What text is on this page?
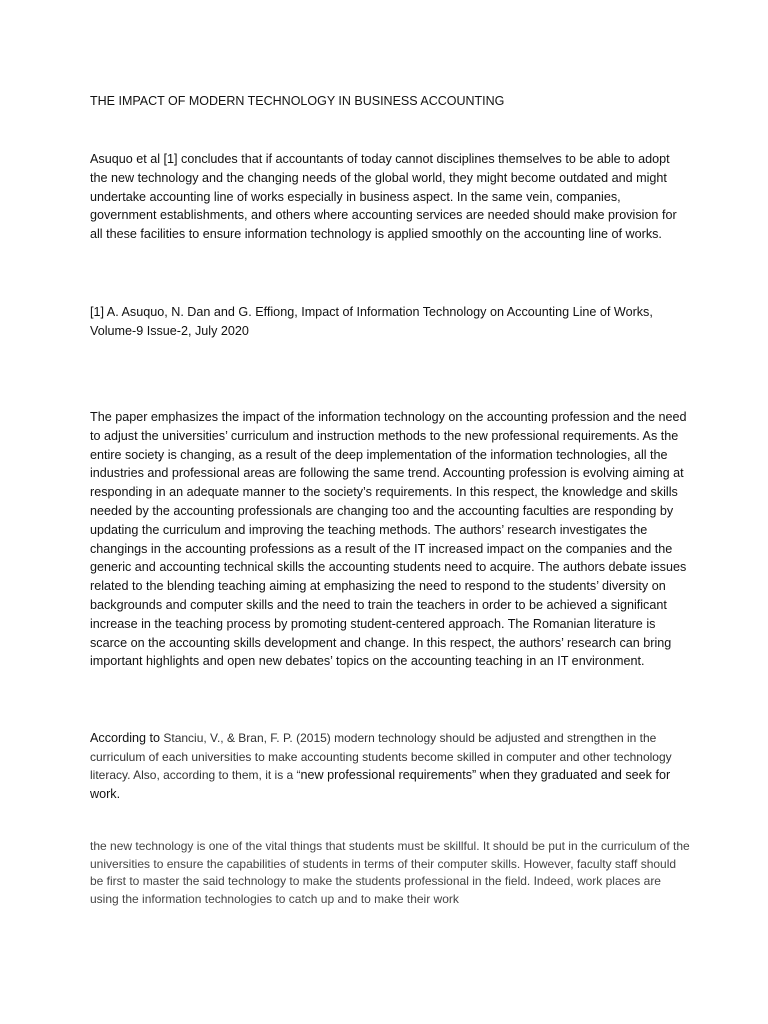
THE IMPACT OF MODERN TECHNOLOGY IN BUSINESS ACCOUNTING

Asuquo et al [1] concludes that if accountants of today cannot disciplines themselves to be able to adopt the new technology and the changing needs of the global world, they might become outdated and might undertake accounting line of works especially in business aspect. In the same vein, companies, government establishments, and others where accounting services are needed should make provision for all these facilities to ensure information technology is applied smoothly on the accounting line of works.

[1] A. Asuquo, N. Dan and G. Effiong, Impact of Information Technology on Accounting Line of Works, Volume-9 Issue-2, July 2020

The paper emphasizes the impact of the information technology on the accounting profession and the need to adjust the universities’ curriculum and instruction methods to the new professional requirements. As the entire society is changing, as a result of the deep implementation of the information technologies, all the industries and professional areas are following the same trend. Accounting profession is evolving aiming at responding in an adequate manner to the society’s requirements. In this respect, the knowledge and skills needed by the accounting professionals are changing too and the accounting faculties are responding by updating the curriculum and improving the teaching methods. The authors’ research investigates the changings in the accounting professions as a result of the IT increased impact on the companies and the generic and accounting technical skills the accounting students need to acquire. The authors debate issues related to the blending teaching aiming at emphasizing the need to respond to the students’ diversity on backgrounds and computer skills and the need to train the teachers in order to be achieved a significant increase in the teaching process by promoting student-centered approach. The Romanian literature is scarce on the accounting skills development and change. In this respect, the authors’ research can bring important highlights and open new debates’ topics on the accounting teaching in an IT environment.

According to Stanciu, V., & Bran, F. P. (2015) modern technology should be adjusted and strengthen in the curriculum of each universities to make accounting students become skilled in computer and other technology literacy. Also, according to them, it is a “new professional requirements” when they graduated and seek for work.

the new technology is one of the vital things that students must be skillful. It should be put in the curriculum of the universities to ensure the capabilities of students in terms of their computer skills. However, faculty staff should be first to master the said technology to make the students professional in the field. Indeed, work places are using the information technologies to catch up and to make their work
